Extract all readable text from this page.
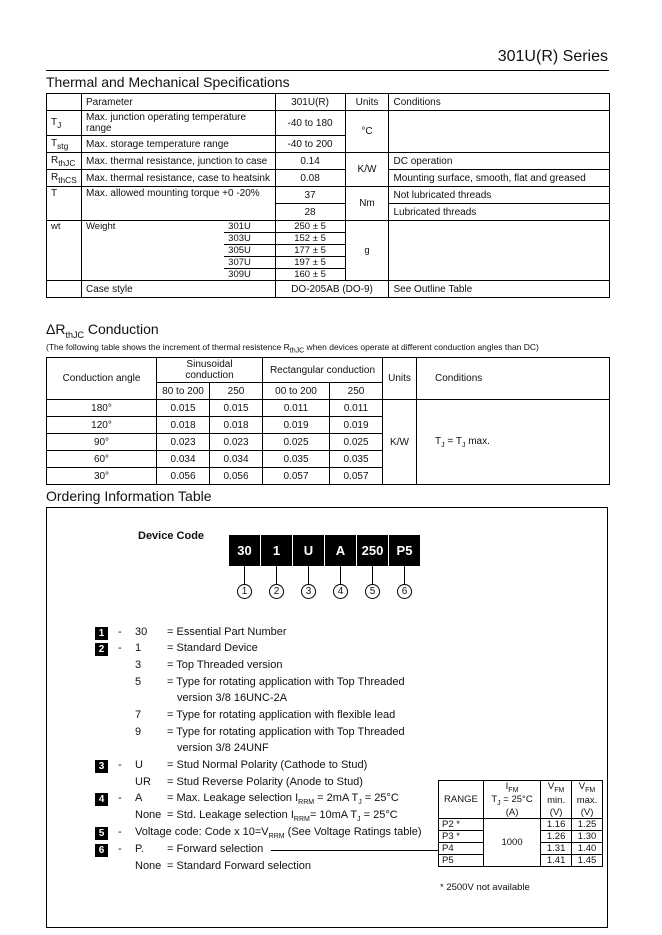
301U(R) Series
Thermal and Mechanical Specifications
	Parameter		301U(R)	Units	Conditions
$T_J$	Max. junction operating temperature range		-40 to 180	°C	
$T_{stg}$	Max. storage temperature range		-40 to 200		
$R_{thJC}$	Max. thermal resistance, junction to case		0.14	K/W	DC operation
$R_{thCS}$	Max. thermal resistance, case to heatsink		0.08		Mounting surface, smooth, flat and greased
T	Max. allowed mounting torque +0 -20%		37	Nm	Not lubricated threads
			28		Lubricated threads
wt	Weight	301U	250 ± 5	g	
		303U	152 ± 5		
		305U	177 ± 5		
		307U	197 ± 5		
		309U	160 ± 5		
	Case style		DO-205AB (DO-9)		See Outline Table
$\Delta R_{thJC}$ Conduction
(The following table shows the increment of thermal resistence $R_{thJC}$ when devices operate at different conduction angles than DC)
Conduction angle	Sinusoidal conduction		Rectangular conduction		Units	Conditions
	80 to 200	250	00 to 200	250		
180°	0.015	0.015	0.011	0.011	K/W	$T_J = T_J$ max.
120°	0.018	0.018	0.019	0.019		
90°	0.023	0.023	0.025	0.025		
60°	0.034	0.034	0.035	0.035		
30°	0.056	0.056	0.057	0.057		
Ordering Information Table
Device Code
30	1	U	A	250	P5
1	2	3	4	5	6
1	- 30 = Essential Part Number
2	- 1 = Standard Device
3 = Top Threaded version
5 = Type for rotating application with Top Threaded
version 3/8 16UNC-2A
7 = Type for rotating application with flexible lead
9 = Type for rotating application with Top Threaded
version 3/8 24UNF
3	- U = Stud Normal Polarity (Cathode to Stud)
UR = Stud Reverse Polarity (Anode to Stud)
4	- A = Max. Leakage selection $I_{RRM} = 2mA$ $T_J = 25^\circ C$
None = Std. Leakage selection $I_{RRM}= 10mA$ $T_J = 25^\circ C$
5	- Voltage code: Code x $10=V_{RRM}$ (See Voltage Ratings table)
6	- P. = Forward selection
None = Standard Forward selection
RANGE	$I_{FM}$	$V_{FM}$	$V_{FM}$
	$T_J = 25^\circ C$	min.	max.
	(A)	(V)	(V)
P2 *	1000	1.16	1.25
P3 *		1.26	1.30
P4		1.31	1.40
P5		1.41	1.45
* 2500V not available
